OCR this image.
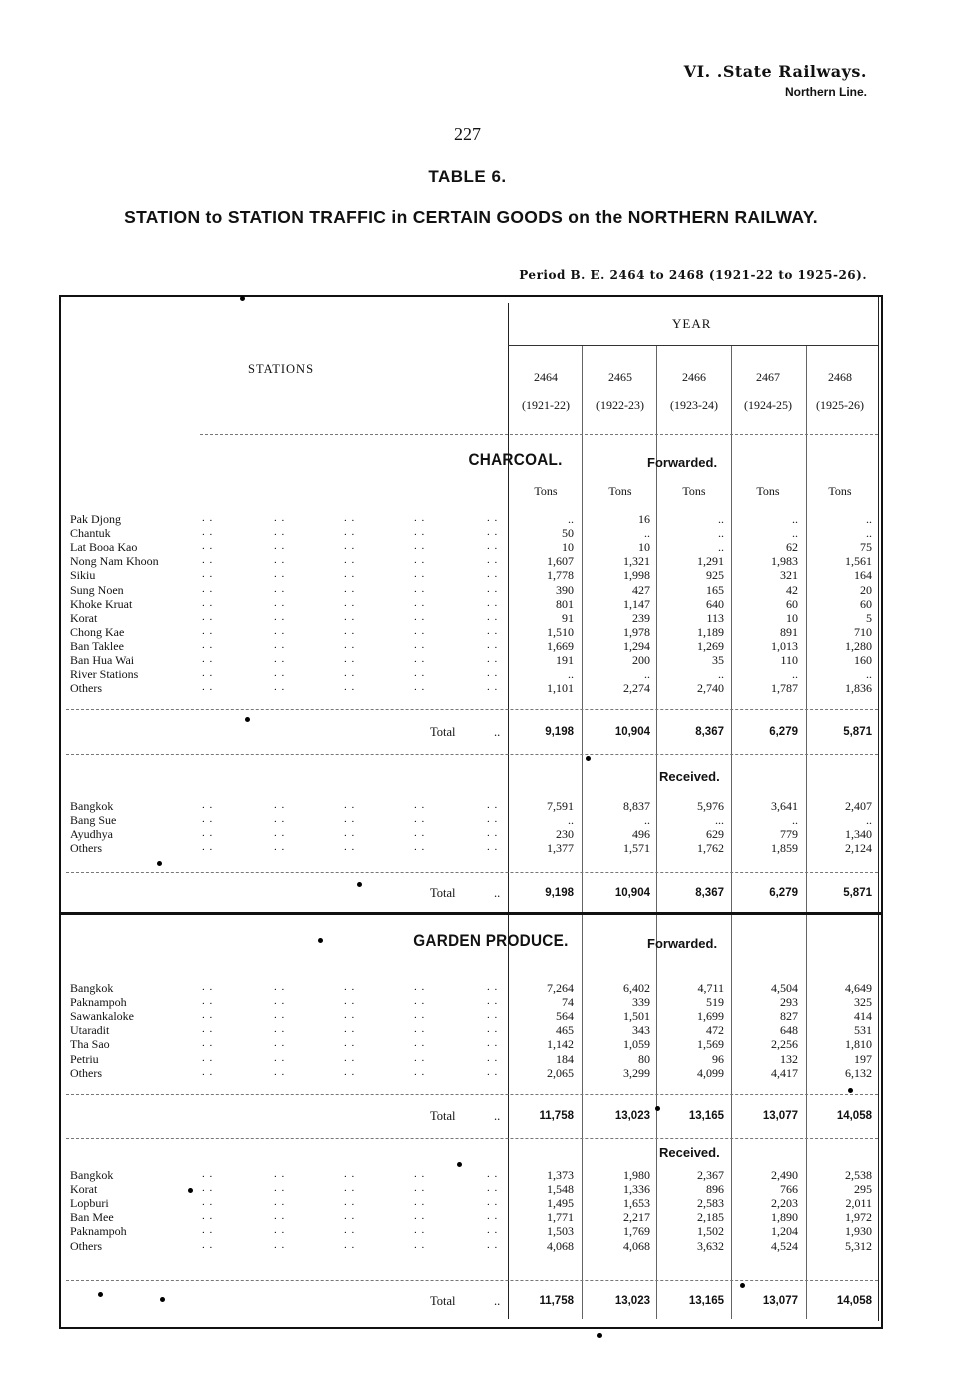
VI. .State Railways.
Northern Line.
227
TABLE 6.
STATION to STATION TRAFFIC in CERTAIN GOODS on the NORTHERN RAILWAY.
Period B. E. 2464 to 2468 (1921-22 to 1925-26).
YEAR
STATIONS
2464	2465	2466	2467	2468
(1921-22)	(1922-23)	(1923-24)	(1924-25)	(1925-26)
CHARCOAL.	Forwarded.
Tons	Tons	Tons	Tons	Tons
Pak Djong	. .	. .	. .	. .	. .	..	16	..	..	..
Chantuk	. .	. .	. .	. .	. .	50	..	..	..	..
Lat Booa Kao	. .	. .	. .	. .	. .	10	10	..	62	75
Nong Nam Khoon	. .	. .	. .	. .	. .	1,607	1,321	1,291	1,983	1,561
Sikiu	. .	. .	. .	. .	. .	1,778	1,998	925	321	164
Sung Noen	. .	. .	. .	. .	. .	390	427	165	42	20
Khoke Kruat	. .	. .	. .	. .	. .	801	1,147	640	60	60
Korat	. .	. .	. .	. .	. .	91	239	113	10	5
Chong Kae	. .	. .	. .	. .	. .	1,510	1,978	1,189	891	710
Ban Taklee	. .	. .	. .	. .	. .	1,669	1,294	1,269	1,013	1,280
Ban Hua Wai	. .	. .	. .	. .	. .	191	200	35	110	160
River Stations	. .	. .	. .	. .	. .	..	..	..	..	..
Others	. .	. .	. .	. .	. .	1,101	2,274	2,740	1,787	1,836
Total	..	9,198	10,904	8,367	6,279	5,871
Received.
Bangkok	. .	. .	. .	. .	. .	7,591	8,837	5,976	3,641	2,407
Bang Sue	. .	. .	. .	. .	. .	..	..	...	..	..
Ayudhya	. .	. .	. .	. .	. .	230	496	629	779	1,340
Others	. .	. .	. .	. .	. .	1,377	1,571	1,762	1,859	2,124
Total	..	9,198	10,904	8,367	6,279	5,871
GARDEN PRODUCE.	Forwarded.
Bangkok	. .	. .	. .	. .	. .	7,264	6,402	4,711	4,504	4,649
Paknampoh	. .	. .	. .	. .	. .	74	339	519	293	325
Sawankaloke	. .	. .	. .	. .	. .	564	1,501	1,699	827	414
Utaradit	. .	. .	. .	. .	. .	465	343	472	648	531
Tha Sao	. .	. .	. .	. .	. .	1,142	1,059	1,569	2,256	1,810
Petriu	. .	. .	. .	. .	. .	184	80	96	132	197
Others	. .	. .	. .	. .	. .	2,065	3,299	4,099	4,417	6,132
Total	..	11,758	13,023	13,165	13,077	14,058
Received.
Bangkok	. .	. .	. .	. .	. .	1,373	1,980	2,367	2,490	2,538
Korat	. .	. .	. .	. .	. .	1,548	1,336	896	766	295
Lopburi	. .	. .	. .	. .	. .	1,495	1,653	2,583	2,203	2,011
Ban Mee	. .	. .	. .	. .	. .	1,771	2,217	2,185	1,890	1,972
Paknampoh	. .	. .	. .	. .	. .	1,503	1,769	1,502	1,204	1,930
Others	. .	. .	. .	. .	. .	4,068	4,068	3,632	4,524	5,312
Total	..	11,758	13,023	13,165	13,077	14,058
